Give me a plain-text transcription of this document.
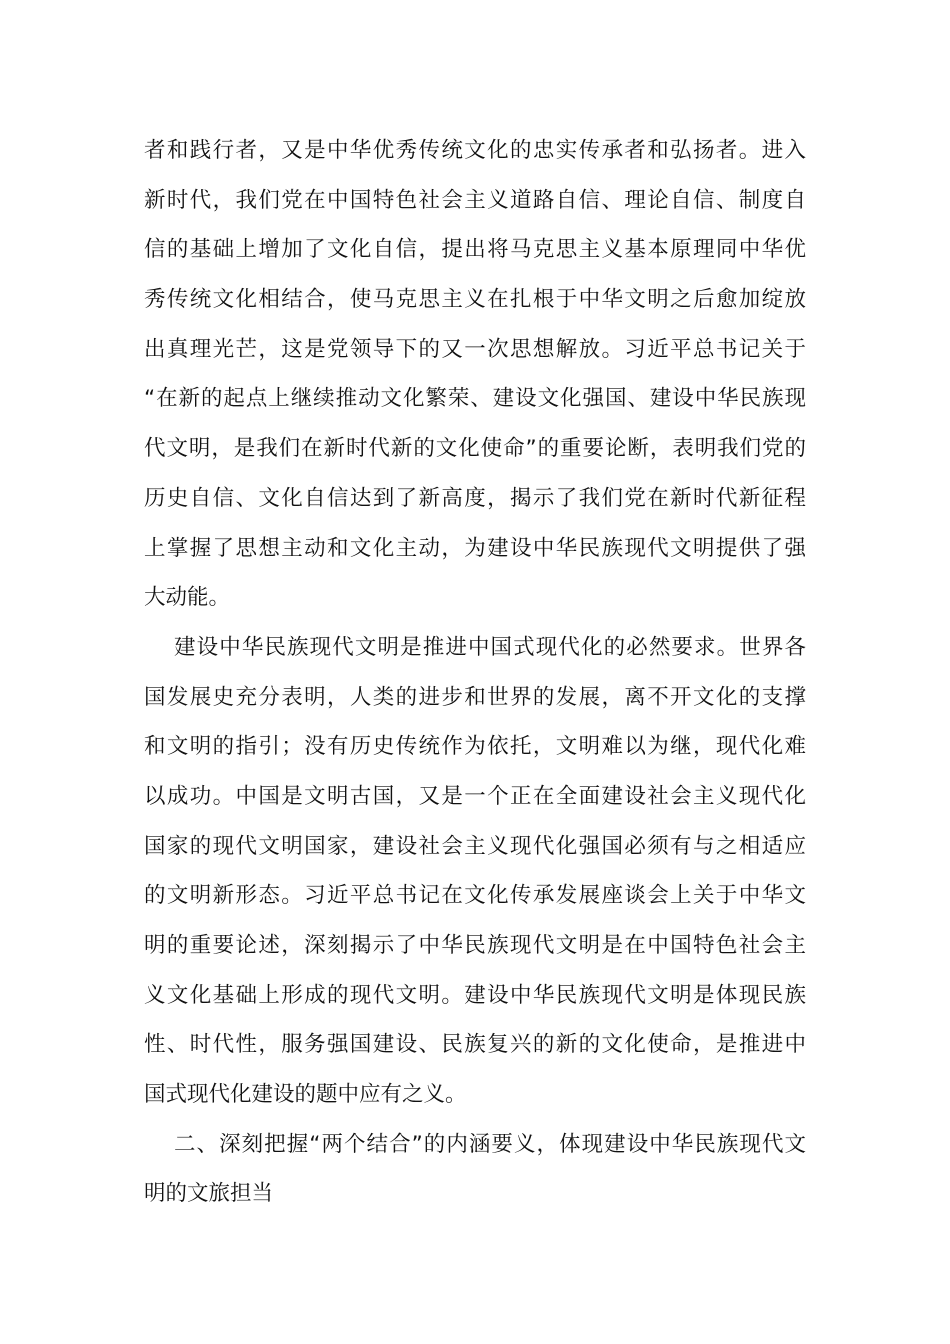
者和践行者，又是中华优秀传统文化的忠实传承者和弘扬者。进入
新时代，我们党在中国特色社会主义道路自信、理论自信、制度自
信的基础上增加了文化自信，提出将马克思主义基本原理同中华优
秀传统文化相结合，使马克思主义在扎根于中华文明之后愈加绽放
出真理光芒，这是党领导下的又一次思想解放。习近平总书记关于
“在新的起点上继续推动文化繁荣、建设文化强国、建设中华民族现
代文明，是我们在新时代新的文化使命”的重要论断，表明我们党的
历史自信、文化自信达到了新高度，揭示了我们党在新时代新征程
上掌握了思想主动和文化主动，为建设中华民族现代文明提供了强
大动能。
建设中华民族现代文明是推进中国式现代化的必然要求。世界各
国发展史充分表明，人类的进步和世界的发展，离不开文化的支撑
和文明的指引；没有历史传统作为依托，文明难以为继，现代化难
以成功。中国是文明古国，又是一个正在全面建设社会主义现代化
国家的现代文明国家，建设社会主义现代化强国必须有与之相适应
的文明新形态。习近平总书记在文化传承发展座谈会上关于中华文
明的重要论述，深刻揭示了中华民族现代文明是在中国特色社会主
义文化基础上形成的现代文明。建设中华民族现代文明是体现民族
性、时代性，服务强国建设、民族复兴的新的文化使命，是推进中
国式现代化建设的题中应有之义。
二、深刻把握“两个结合”的内涵要义，体现建设中华民族现代文
明的文旅担当
